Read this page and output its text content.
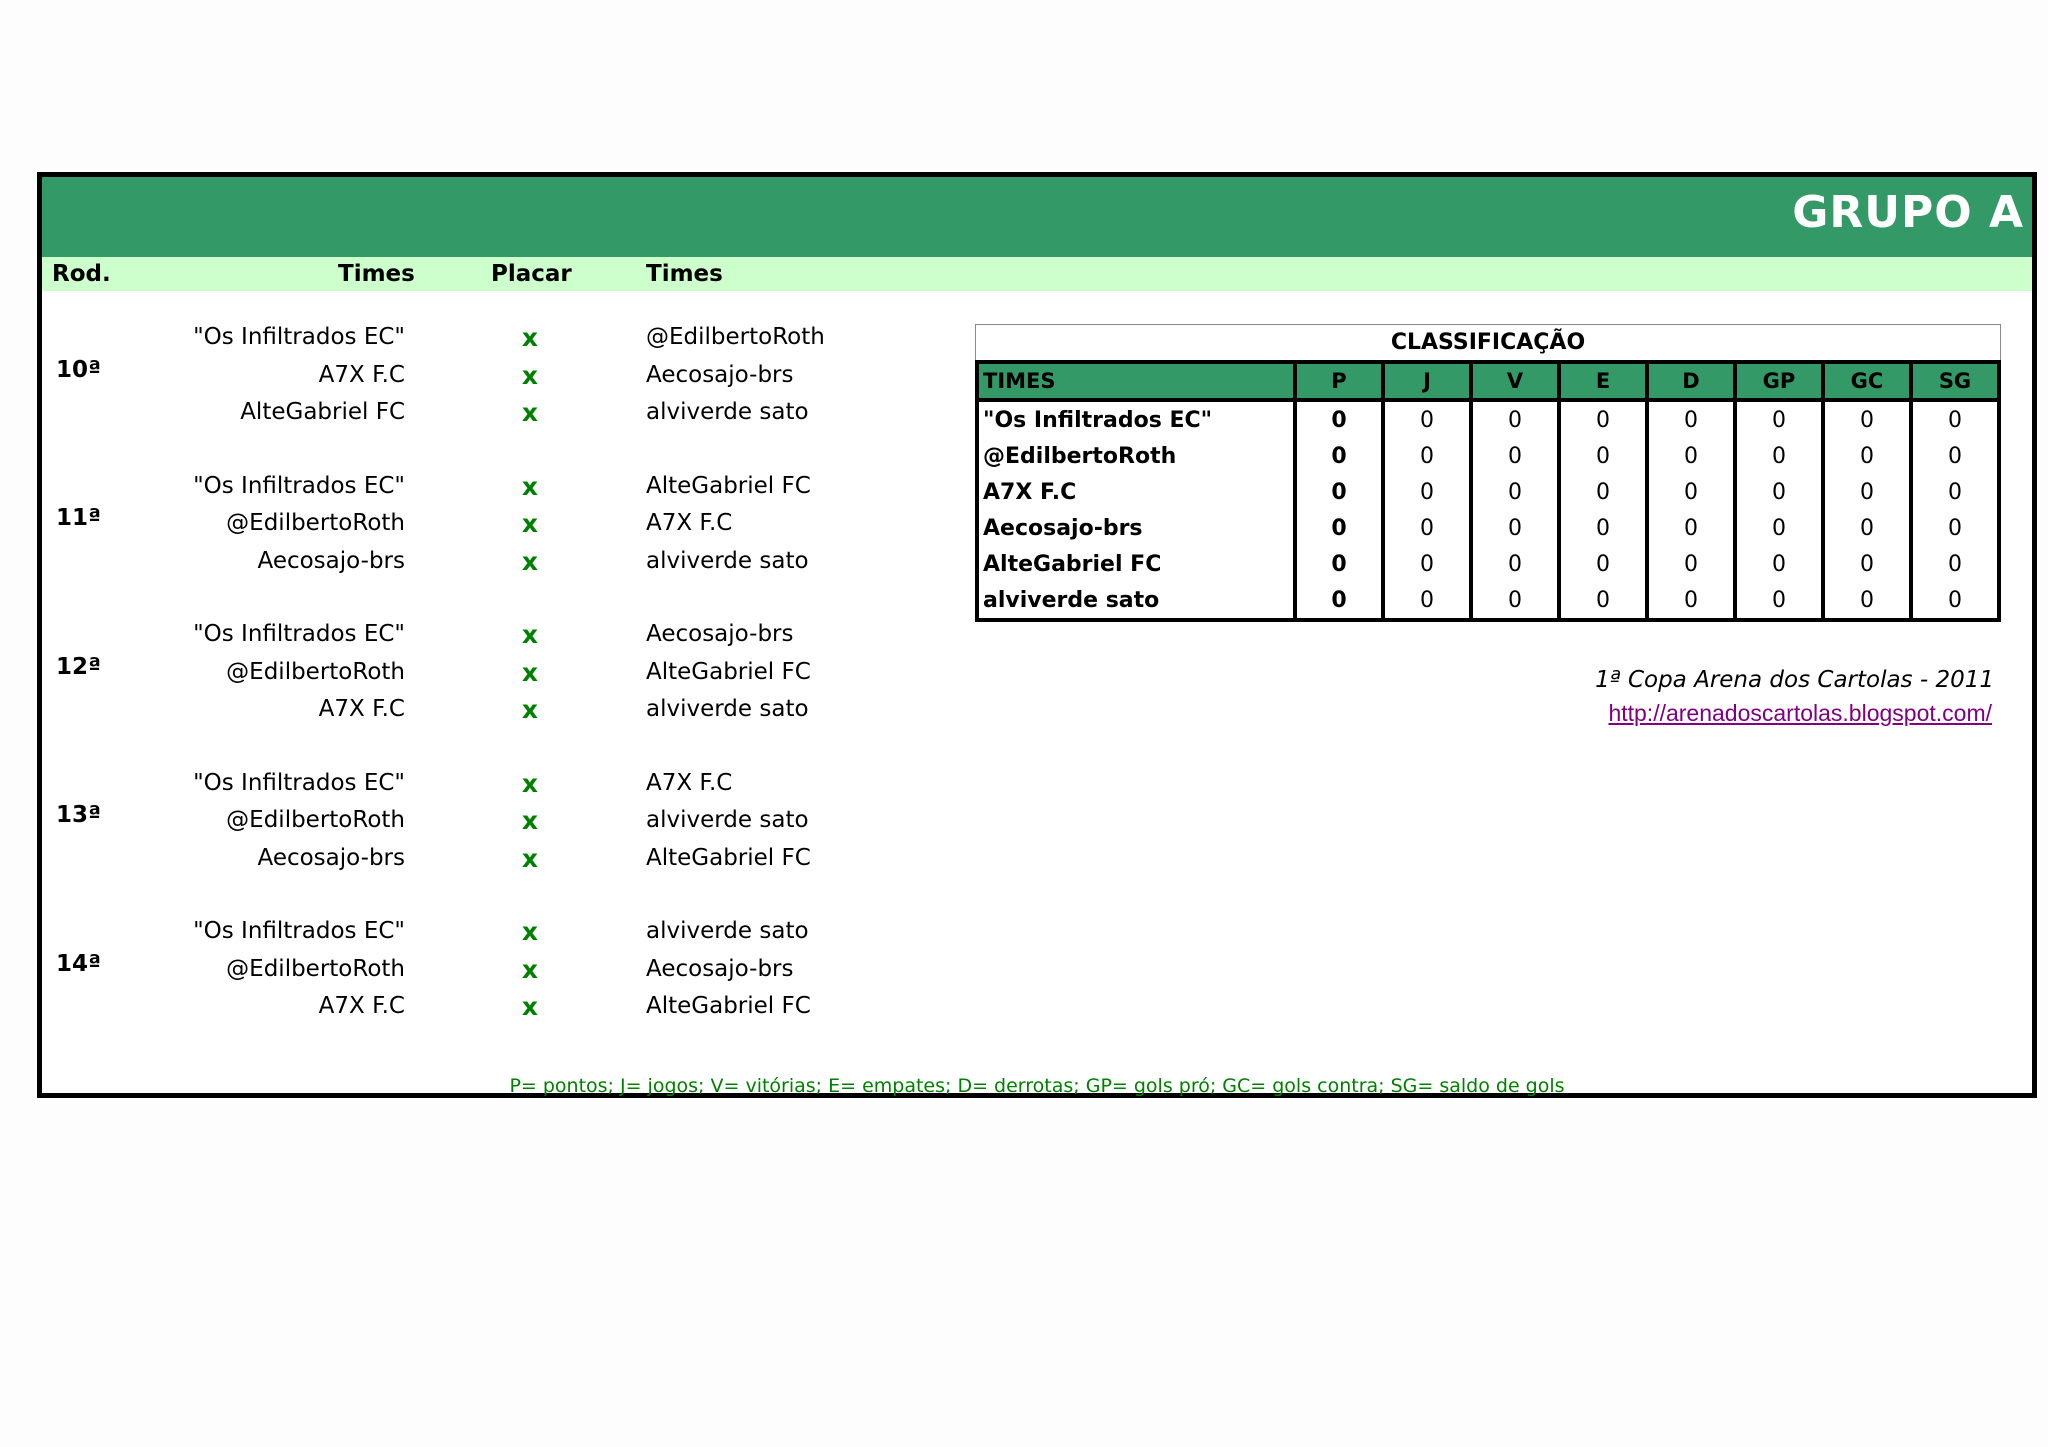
GRUPO A
Rod.	Times	Placar	Times
10ª
"Os Infiltrados EC"	x	@EdilbertoRoth
A7X F.C	x	Aecosajo-brs
AlteGabriel FC	x	alviverde sato
11ª
"Os Infiltrados EC"	x	AlteGabriel FC
@EdilbertoRoth	x	A7X F.C
Aecosajo-brs	x	alviverde sato
12ª
"Os Infiltrados EC"	x	Aecosajo-brs
@EdilbertoRoth	x	AlteGabriel FC
A7X F.C	x	alviverde sato
13ª
"Os Infiltrados EC"	x	A7X F.C
@EdilbertoRoth	x	alviverde sato
Aecosajo-brs	x	AlteGabriel FC
14ª
"Os Infiltrados EC"	x	alviverde sato
@EdilbertoRoth	x	Aecosajo-brs
A7X F.C	x	AlteGabriel FC
CLASSIFICAÇÃO
TIMES	P	J	V	E	D	GP	GC	SG
"Os Infiltrados EC"	0	0	0	0	0	0	0	0
@EdilbertoRoth	0	0	0	0	0	0	0	0
A7X F.C	0	0	0	0	0	0	0	0
Aecosajo-brs	0	0	0	0	0	0	0	0
AlteGabriel FC	0	0	0	0	0	0	0	0
alviverde sato	0	0	0	0	0	0	0	0
1ª Copa Arena dos Cartolas - 2011
http://arenadoscartolas.blogspot.com/
P= pontos; J= jogos; V= vitórias; E= empates; D= derrotas; GP= gols pró; GC= gols contra; SG= saldo de gols
